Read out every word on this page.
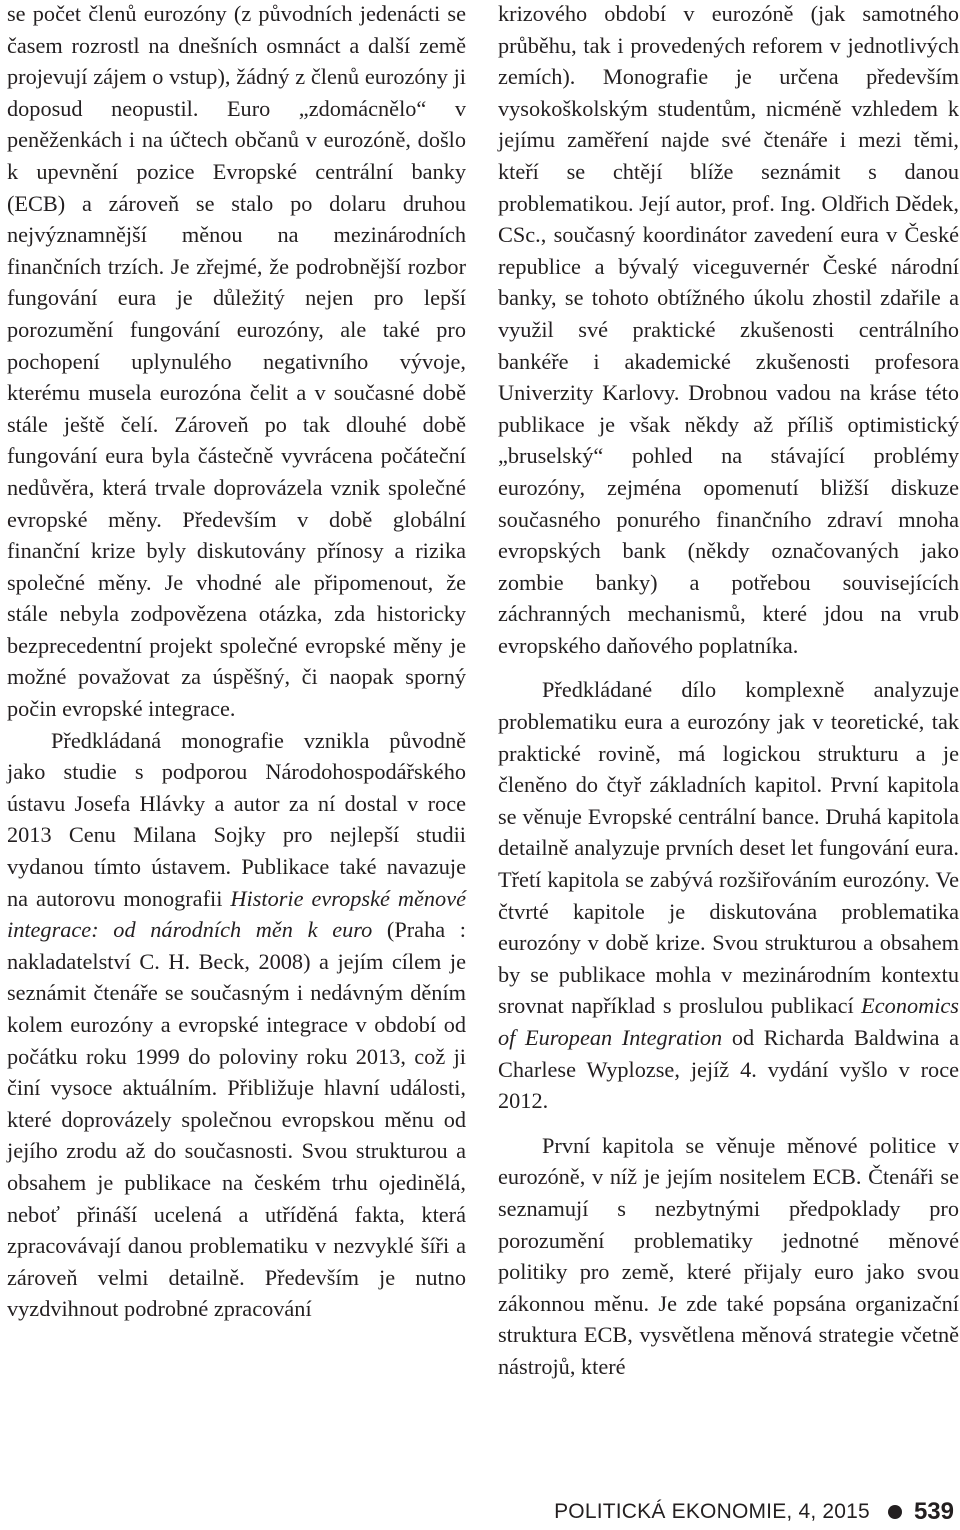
se počet členů eurozóny (z původních jedenácti se časem rozrostl na dnešních osmnáct a další země projevují zájem o vstup), žádný z členů eurozóny ji doposud neopustil. Euro „zdomácnělo“ v peněženkách i na účtech občanů v eurozóně, došlo k upevnění pozice Evropské centrální banky (ECB) a zároveň se stalo po dolaru druhou nejvýznamnější měnou na mezinárodních finančních trzích. Je zřejmé, že podrobnější rozbor fungování eura je důležitý nejen pro lepší porozumění fungování eurozóny, ale také pro pochopení uplynulého negativního vývoje, kterému musela eurozóna čelit a v současné době stále ještě čelí. Zároveň po tak dlouhé době fungování eura byla částečně vyvrácena počáteční nedůvěra, která trvale doprovázela vznik společné evropské měny. Především v době globální finanční krize byly diskutovány přínosy a rizika společné měny. Je vhodné ale připomenout, že stále nebyla zodpovězena otázka, zda historicky bezprecedentní projekt společné evropské měny je možné považovat za úspěšný, či naopak sporný počin evropské integrace.

Předkládaná monografie vznikla původně jako studie s podporou Národohospodářského ústavu Josefa Hlávky a autor za ní dostal v roce 2013 Cenu Milana Sojky pro nejlepší studii vydanou tímto ústavem. Publikace také navazuje na autorovu monografii Historie evropské měnové integrace: od národních měn k euro (Praha : nakladatelství C. H. Beck, 2008) a jejím cílem je seznámit čtenáře se současným i nedávným děním kolem eurozóny a evropské integrace v období od počátku roku 1999 do poloviny roku 2013, což ji činí vysoce aktuálním. Přibližuje hlavní události, které doprovázely společnou evropskou měnu od jejího zrodu až do současnosti. Svou strukturou a obsahem je publikace na českém trhu ojedinělá, neboť přináší ucelená a utříděná fakta, která zpracovávají danou problematiku v nezvyklé šíři a zároveň velmi detailně. Především je nutno vyzdvihnout podrobné zpracování

krizového období v eurozóně (jak samotného průběhu, tak i provedených reforem v jednotlivých zemích). Monografie je určena především vysokoškolským studentům, nicméně vzhledem k jejímu zaměření najde své čtenáře i mezi těmi, kteří se chtějí blíže seznámit s danou problematikou. Její autor, prof. Ing. Oldřich Dědek, CSc., současný koordinátor zavedení eura v České republice a bývalý viceguvernér České národní banky, se tohoto obtížného úkolu zhostil zdařile a využil své praktické zkušenosti centrálního bankéře i akademické zkušenosti profesora Univerzity Karlovy. Drobnou vadou na kráse této publikace je však někdy až příliš optimistický „bruselský“ pohled na stávající problémy eurozóny, zejména opomenutí bližší diskuze současného ponurého finančního zdraví mnoha evropských bank (někdy označovaných jako zombie banky) a potřebou souvisejících záchranných mechanismů, které jdou na vrub evropského daňového poplatníka.

Předkládané dílo komplexně analyzuje problematiku eura a eurozóny jak v teoretické, tak praktické rovině, má logickou strukturu a je členěno do čtyř základních kapitol. První kapitola se věnuje Evropské centrální bance. Druhá kapitola detailně analyzuje prvních deset let fungování eura. Třetí kapitola se zabývá rozšiřováním eurozóny. Ve čtvrté kapitole je diskutována problematika eurozóny v době krize. Svou strukturou a obsahem by se publikace mohla v mezinárodním kontextu srovnat například s proslulou publikací Economics of European Integration od Richarda Baldwina a Charlese Wyplozse, jejíž 4. vydání vyšlo v roce 2012.

První kapitola se věnuje měnové politice v eurozóně, v níž je jejím nositelem ECB. Čtenáři se seznamují s nezbytnými předpoklady pro porozumění problematiky jednotné měnové politiky pro země, které přijaly euro jako svou zákonnou měnu. Je zde také popsána organizační struktura ECB, vysvětlena měnová strategie včetně nástrojů, které

POLITICKÁ EKONOMIE, 4, 2015 539
